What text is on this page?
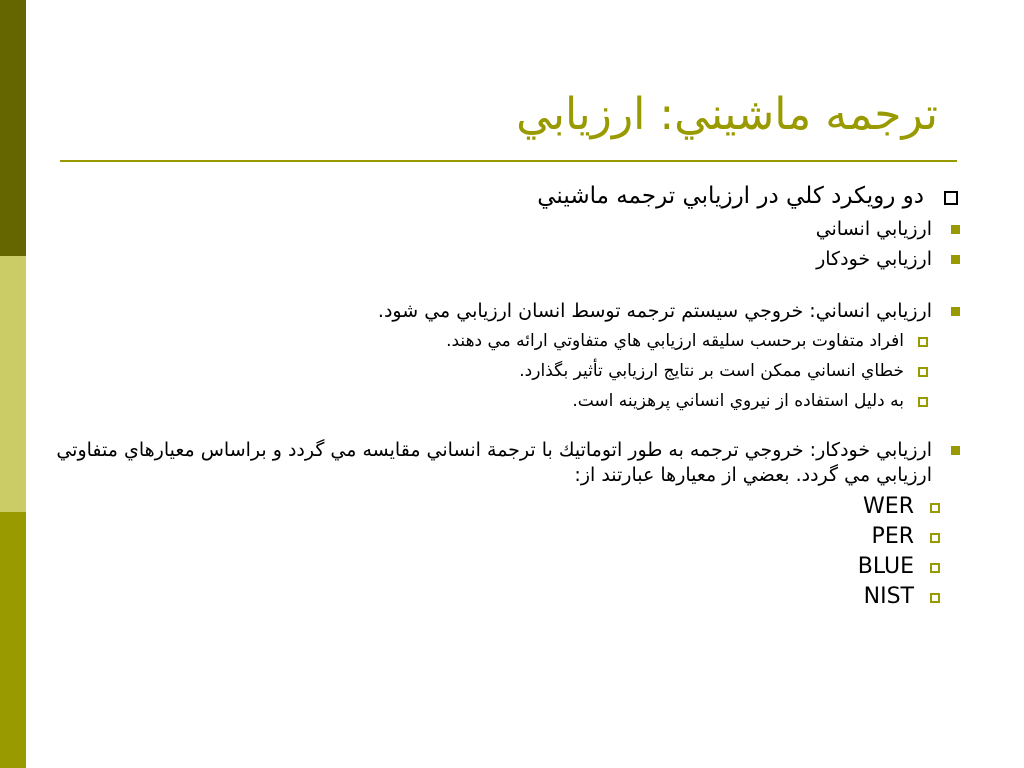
ترجمه ماشيني: ارزيابي
دو رويكرد كلي در ارزيابي ترجمه ماشيني
ارزيابي انساني
ارزيابي خودكار
ارزيابي انساني: خروجي سيستم ترجمه توسط انسان ارزيابي مي شود.
افراد متفاوت برحسب سليقه ارزيابي هاي متفاوتي ارائه مي دهند.
خطاي انساني ممكن است بر نتايج ارزيابي تأثير بگذارد.
به دليل استفاده از نيروي انساني پرهزينه است.
ارزيابي خودكار: خروجي ترجمه به طور اتوماتيك با ترجمة انساني مقايسه مي گردد و براساس معيارهاي متفاوتي ارزيابي مي گردد. بعضي از معيارها عبارتند از:
WER
PER
BLUE
NIST
